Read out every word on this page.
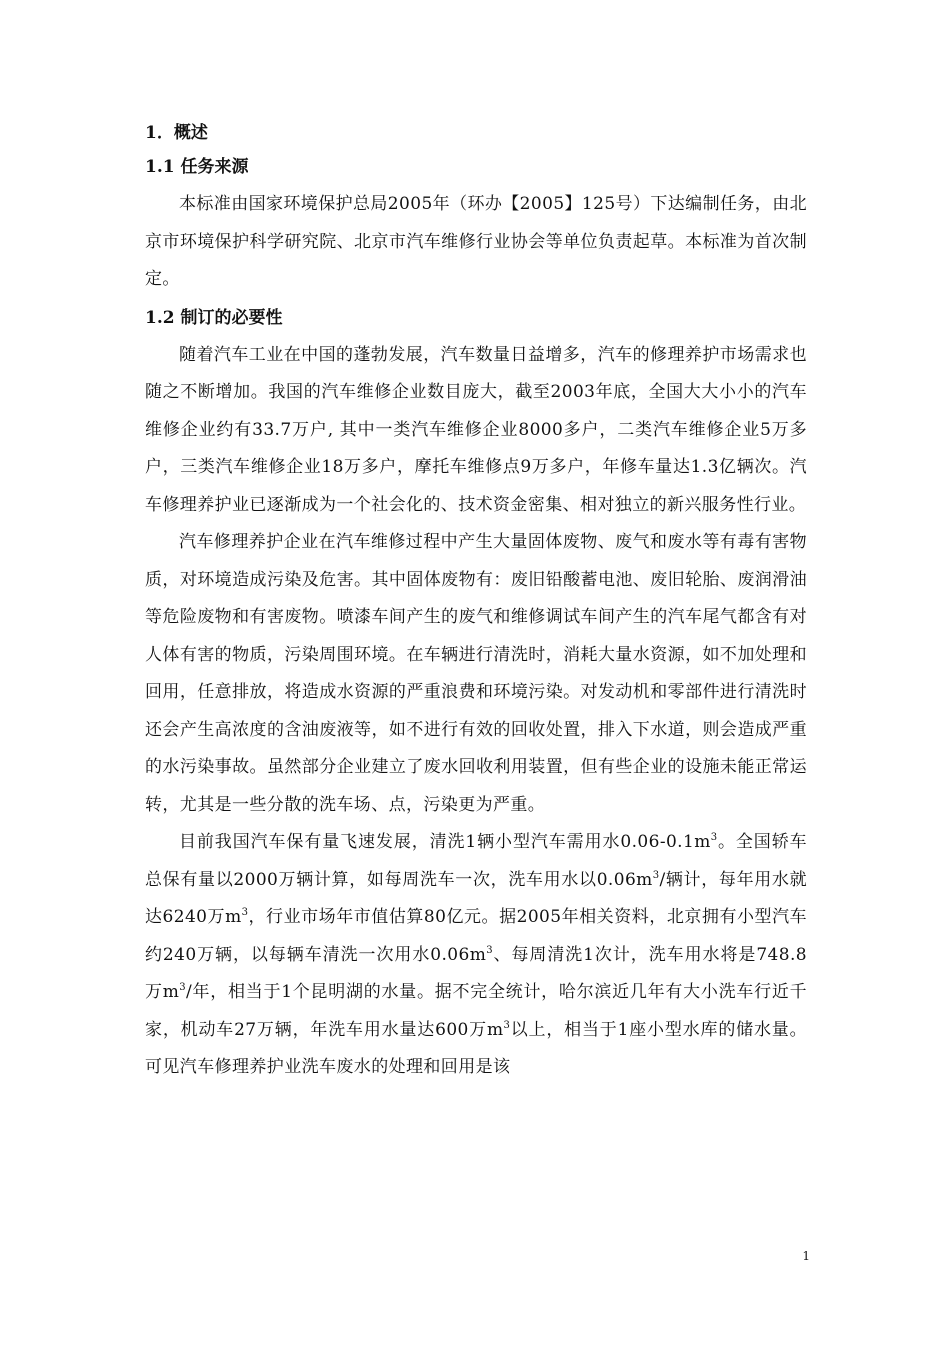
1．概述
1.1 任务来源

本标准由国家环境保护总局2005年（环办【2005】125号）下达编制任务，由北京市环境保护科学研究院、北京市汽车维修行业协会等单位负责起草。本标准为首次制定。

1.2 制订的必要性

随着汽车工业在中国的蓬勃发展，汽车数量日益增多，汽车的修理养护市场需求也随之不断增加。我国的汽车维修企业数目庞大，截至2003年底，全国大大小小的汽车维修企业约有33.7万户, 其中一类汽车维修企业8000多户，二类汽车维修企业5万多户，三类汽车维修企业18万多户，摩托车维修点9万多户，年修车量达1.3亿辆次。汽车修理养护业已逐渐成为一个社会化的、技术资金密集、相对独立的新兴服务性行业。

汽车修理养护企业在汽车维修过程中产生大量固体废物、废气和废水等有毒有害物质，对环境造成污染及危害。其中固体废物有：废旧铅酸蓄电池、废旧轮胎、废润滑油等危险废物和有害废物。喷漆车间产生的废气和维修调试车间产生的汽车尾气都含有对人体有害的物质，污染周围环境。在车辆进行清洗时，消耗大量水资源，如不加处理和回用，任意排放，将造成水资源的严重浪费和环境污染。对发动机和零部件进行清洗时还会产生高浓度的含油废液等，如不进行有效的回收处置，排入下水道，则会造成严重的水污染事故。虽然部分企业建立了废水回收利用装置，但有些企业的设施未能正常运转，尤其是一些分散的洗车场、点，污染更为严重。

目前我国汽车保有量飞速发展，清洗1辆小型汽车需用水$0.06-0.1m^3$。全国轿车总保有量以2000万辆计算，如每周洗车一次，洗车用水以$0.06m^3/$辆计，每年用水就达6240万$m^3$，行业市场年市值估算80亿元。据2005年相关资料，北京拥有小型汽车约240万辆，以每辆车清洗一次用水$0.06m^3$、每周清洗1次计，洗车用水将是748.8万$m^3/$年，相当于1个昆明湖的水量。据不完全统计，哈尔滨近几年有大小洗车行近千家，机动车27万辆，年洗车用水量达600万$m^3$以上，相当于1座小型水库的储水量。可见汽车修理养护业洗车废水的处理和回用是该

1
